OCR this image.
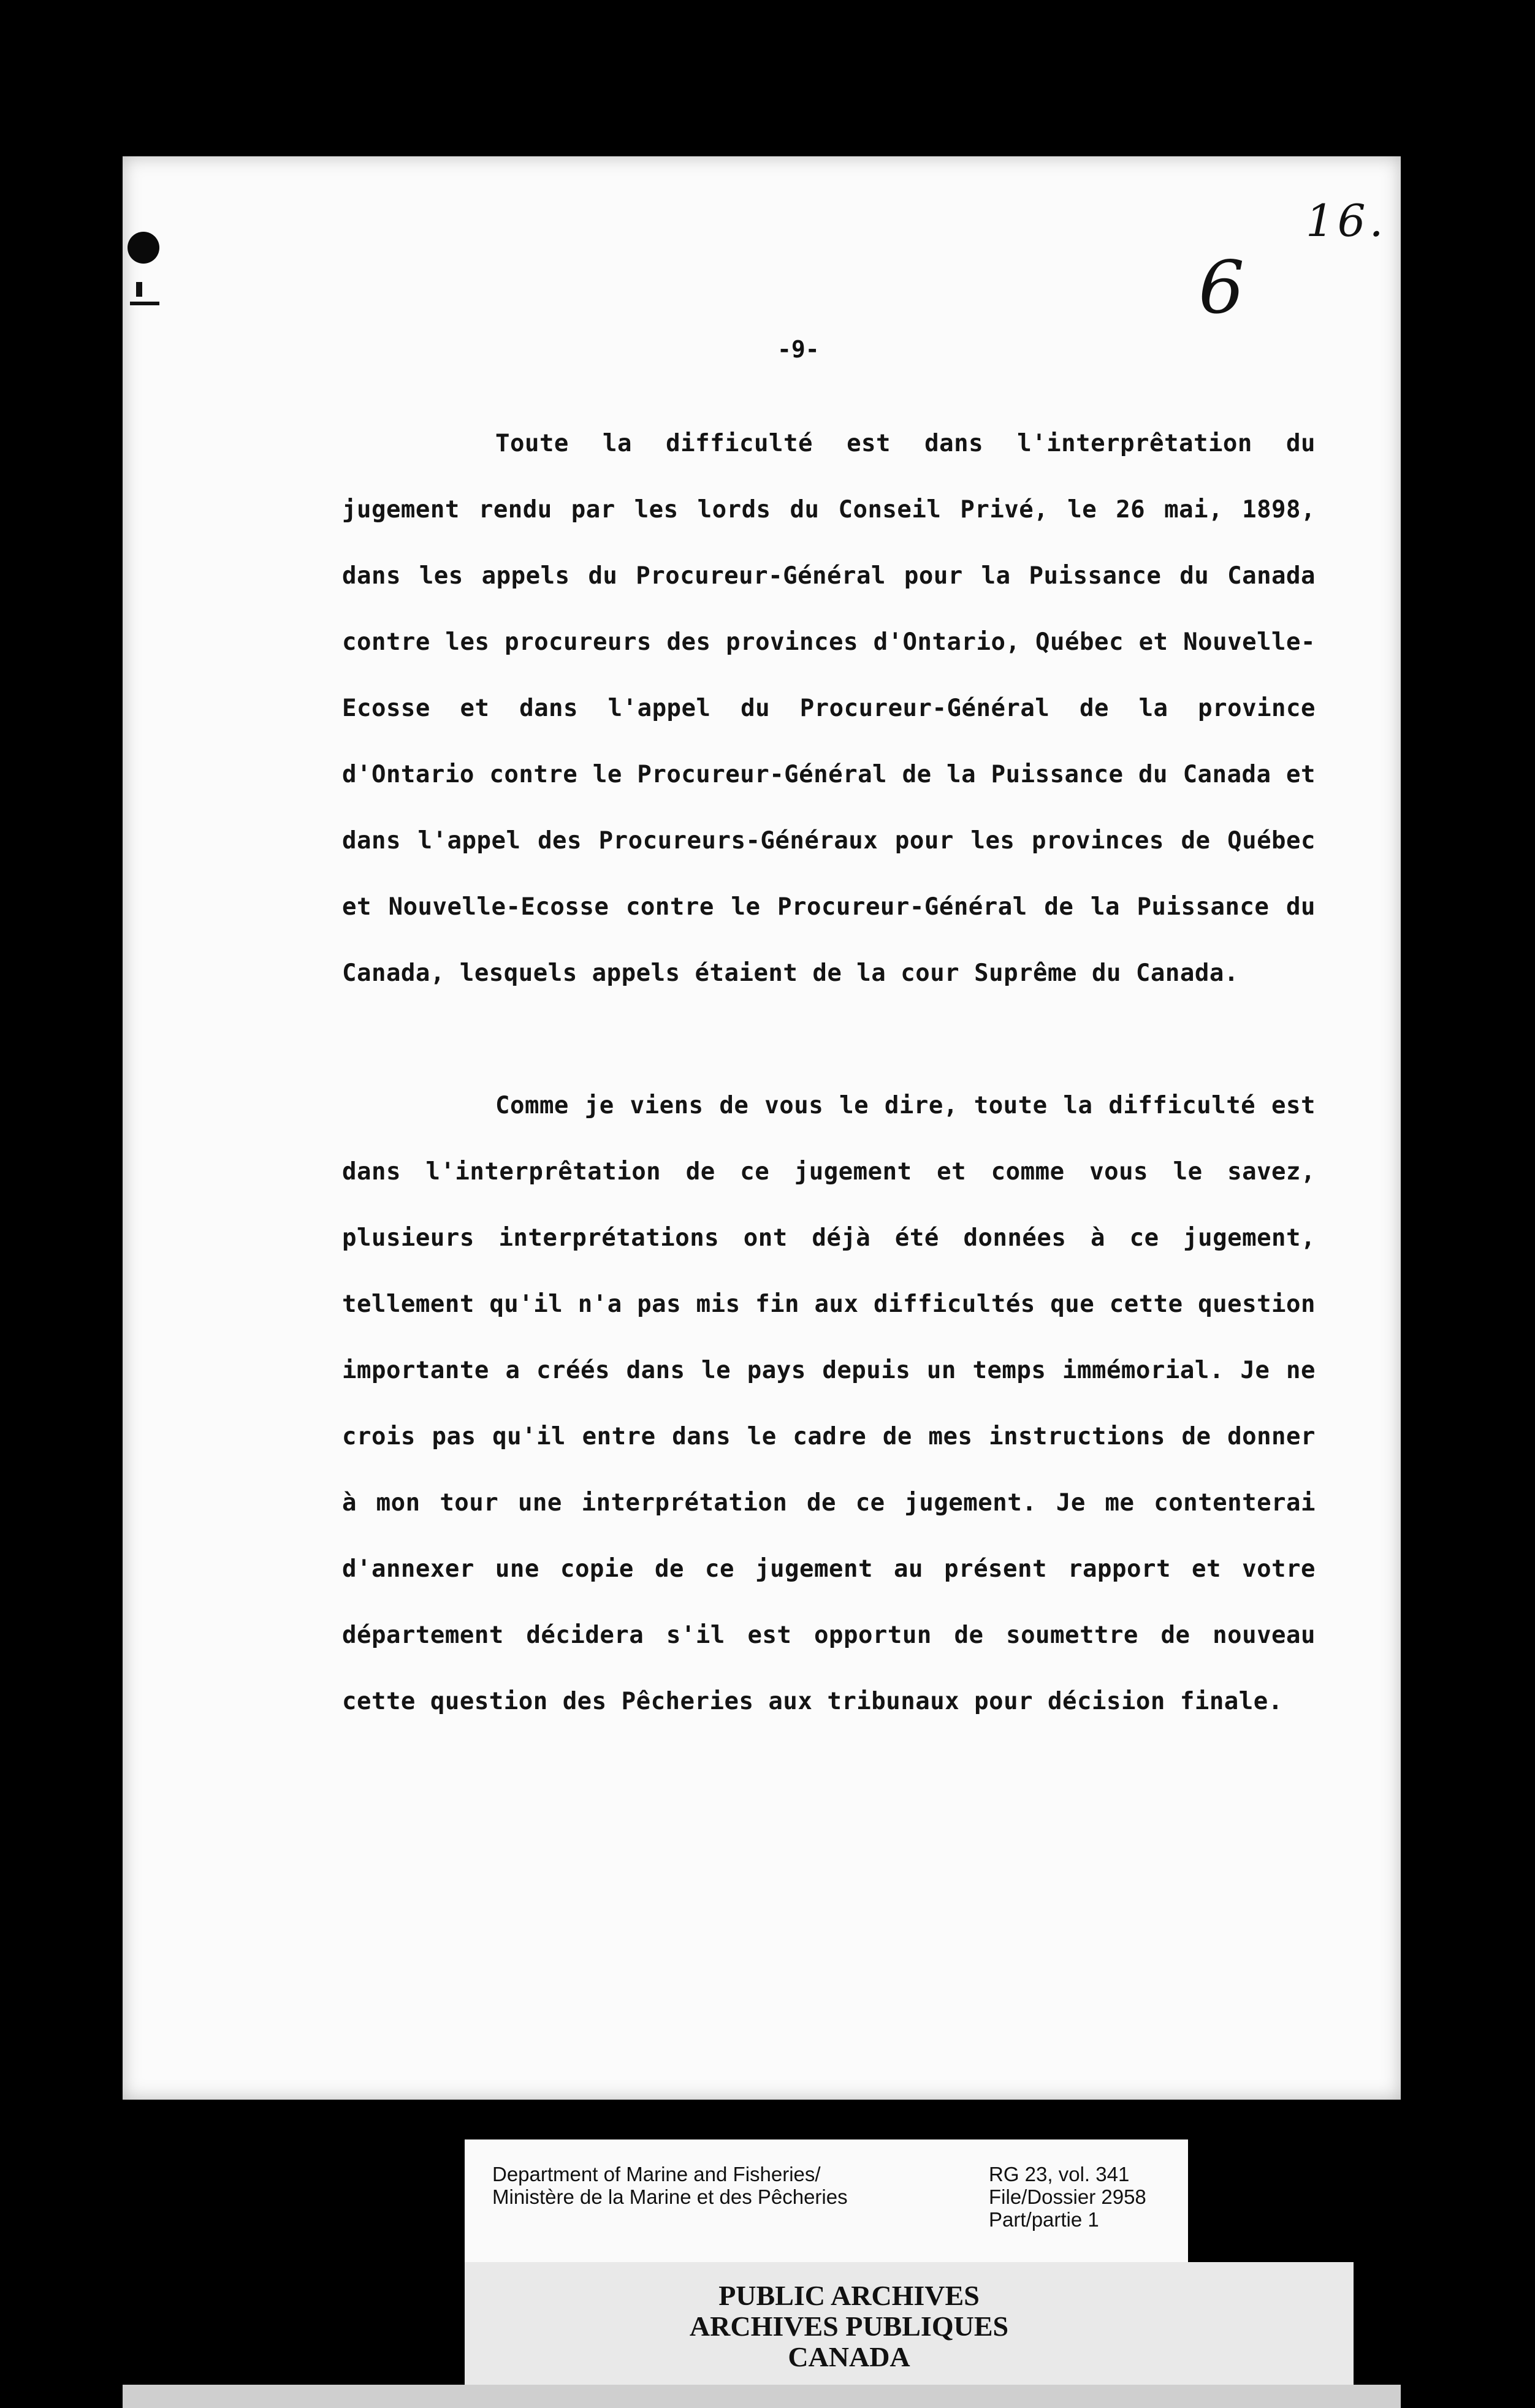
16.
6
-9-

Toute la difficulté est dans l'interprêtation du jugement rendu par les lords du Conseil Privé, le 26 mai, 1898, dans les appels du Procureur-Général pour la Puissance du Canada contre les procureurs des provinces d'Ontario, Québec et Nouvelle-Ecosse et dans l'appel du Procureur-Général de la province d'Ontario contre le Procureur-Général de la Puissance du Canada et dans l'appel des Procureurs-Généraux pour les provinces de Québec et Nouvelle-Ecosse contre le Procureur-Général de la Puissance du Canada, lesquels appels étaient de la cour Suprême du Canada.

Comme je viens de vous le dire, toute la difficulté est dans l'interprêtation de ce jugement et comme vous le savez, plusieurs interprétations ont déjà été données à ce jugement, tellement qu'il n'a pas mis fin aux difficultés que cette question importante a créés dans le pays depuis un temps immémorial. Je ne crois pas qu'il entre dans le cadre de mes instructions de donner à mon tour une interprétation de ce jugement. Je me contenterai d'annexer une copie de ce jugement au présent rapport et votre département décidera s'il est opportun de soumettre de nouveau cette question des Pêcheries aux tribunaux pour décision finale.

Department of Marine and Fisheries/
Ministère de la Marine et des Pêcheries
RG 23, vol. 341
File/Dossier 2958
Part/partie 1
PUBLIC ARCHIVES
ARCHIVES PUBLIQUES
CANADA
